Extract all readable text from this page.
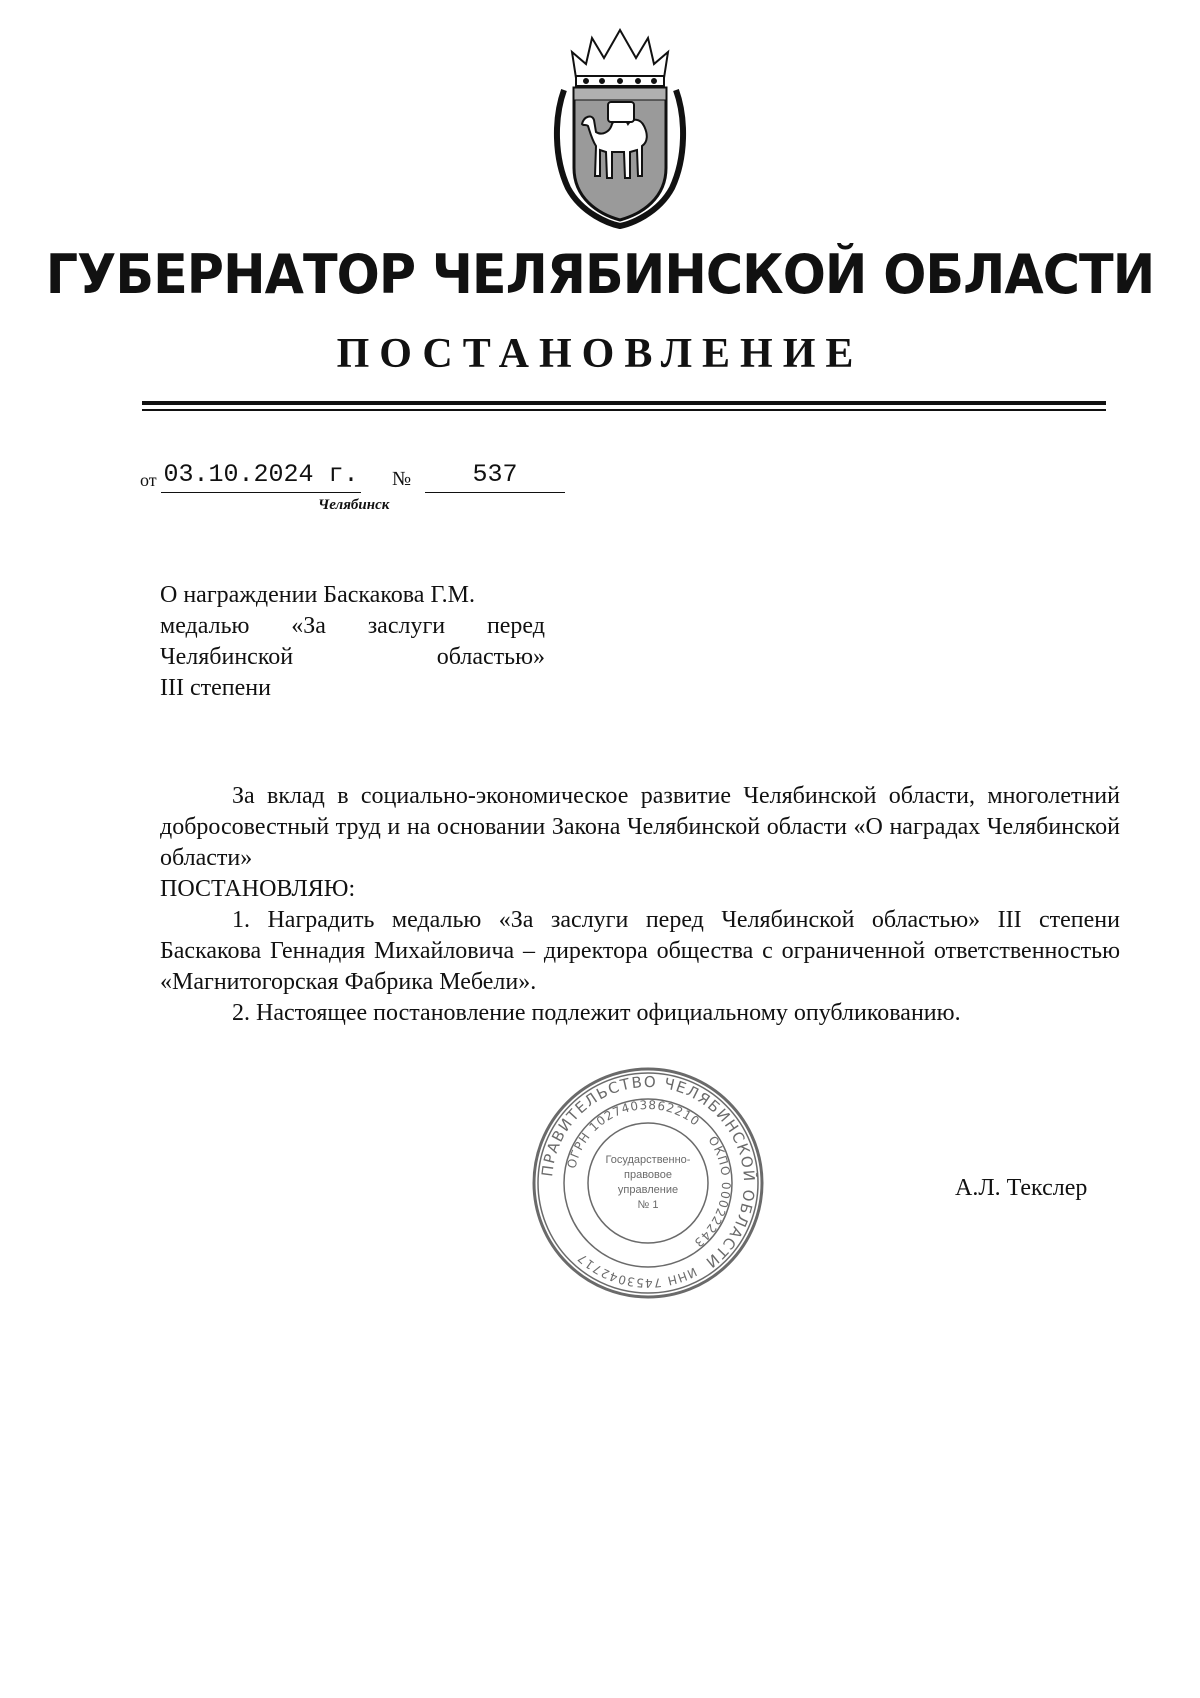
ГУБЕРНАТОР ЧЕЛЯБИНСКОЙ ОБЛАСТИ
ПОСТАНОВЛЕНИЕ
от 03.10.2024 г. №	537
Челябинск
О награждении Баскакова Г.М.
медалью «За заслуги перед
Челябинской	областью»
III степени

За вклад в социально-экономическое развитие Челябинской области, многолетний добросовестный труд и на основании Закона Челябинской области «О наградах Челябинской области»

ПОСТАНОВЛЯЮ:

1. Наградить медалью «За заслуги перед Челябинской областью» III степени Баскакова Геннадия Михайловича – директора общества с ограниченной ответственностью «Магнитогорская Фабрика Мебели».

2. Настоящее постановление подлежит официальному опубликованию.

ПРАВИТЕЛЬСТВО ЧЕЛЯБИНСКОЙ ОБЛАСТИ
ОГРН 1027403862210
ОКПО 00022243
ИНН 7453042717
Государственно-
правовое
управление
№ 1
А.Л. Текслер
